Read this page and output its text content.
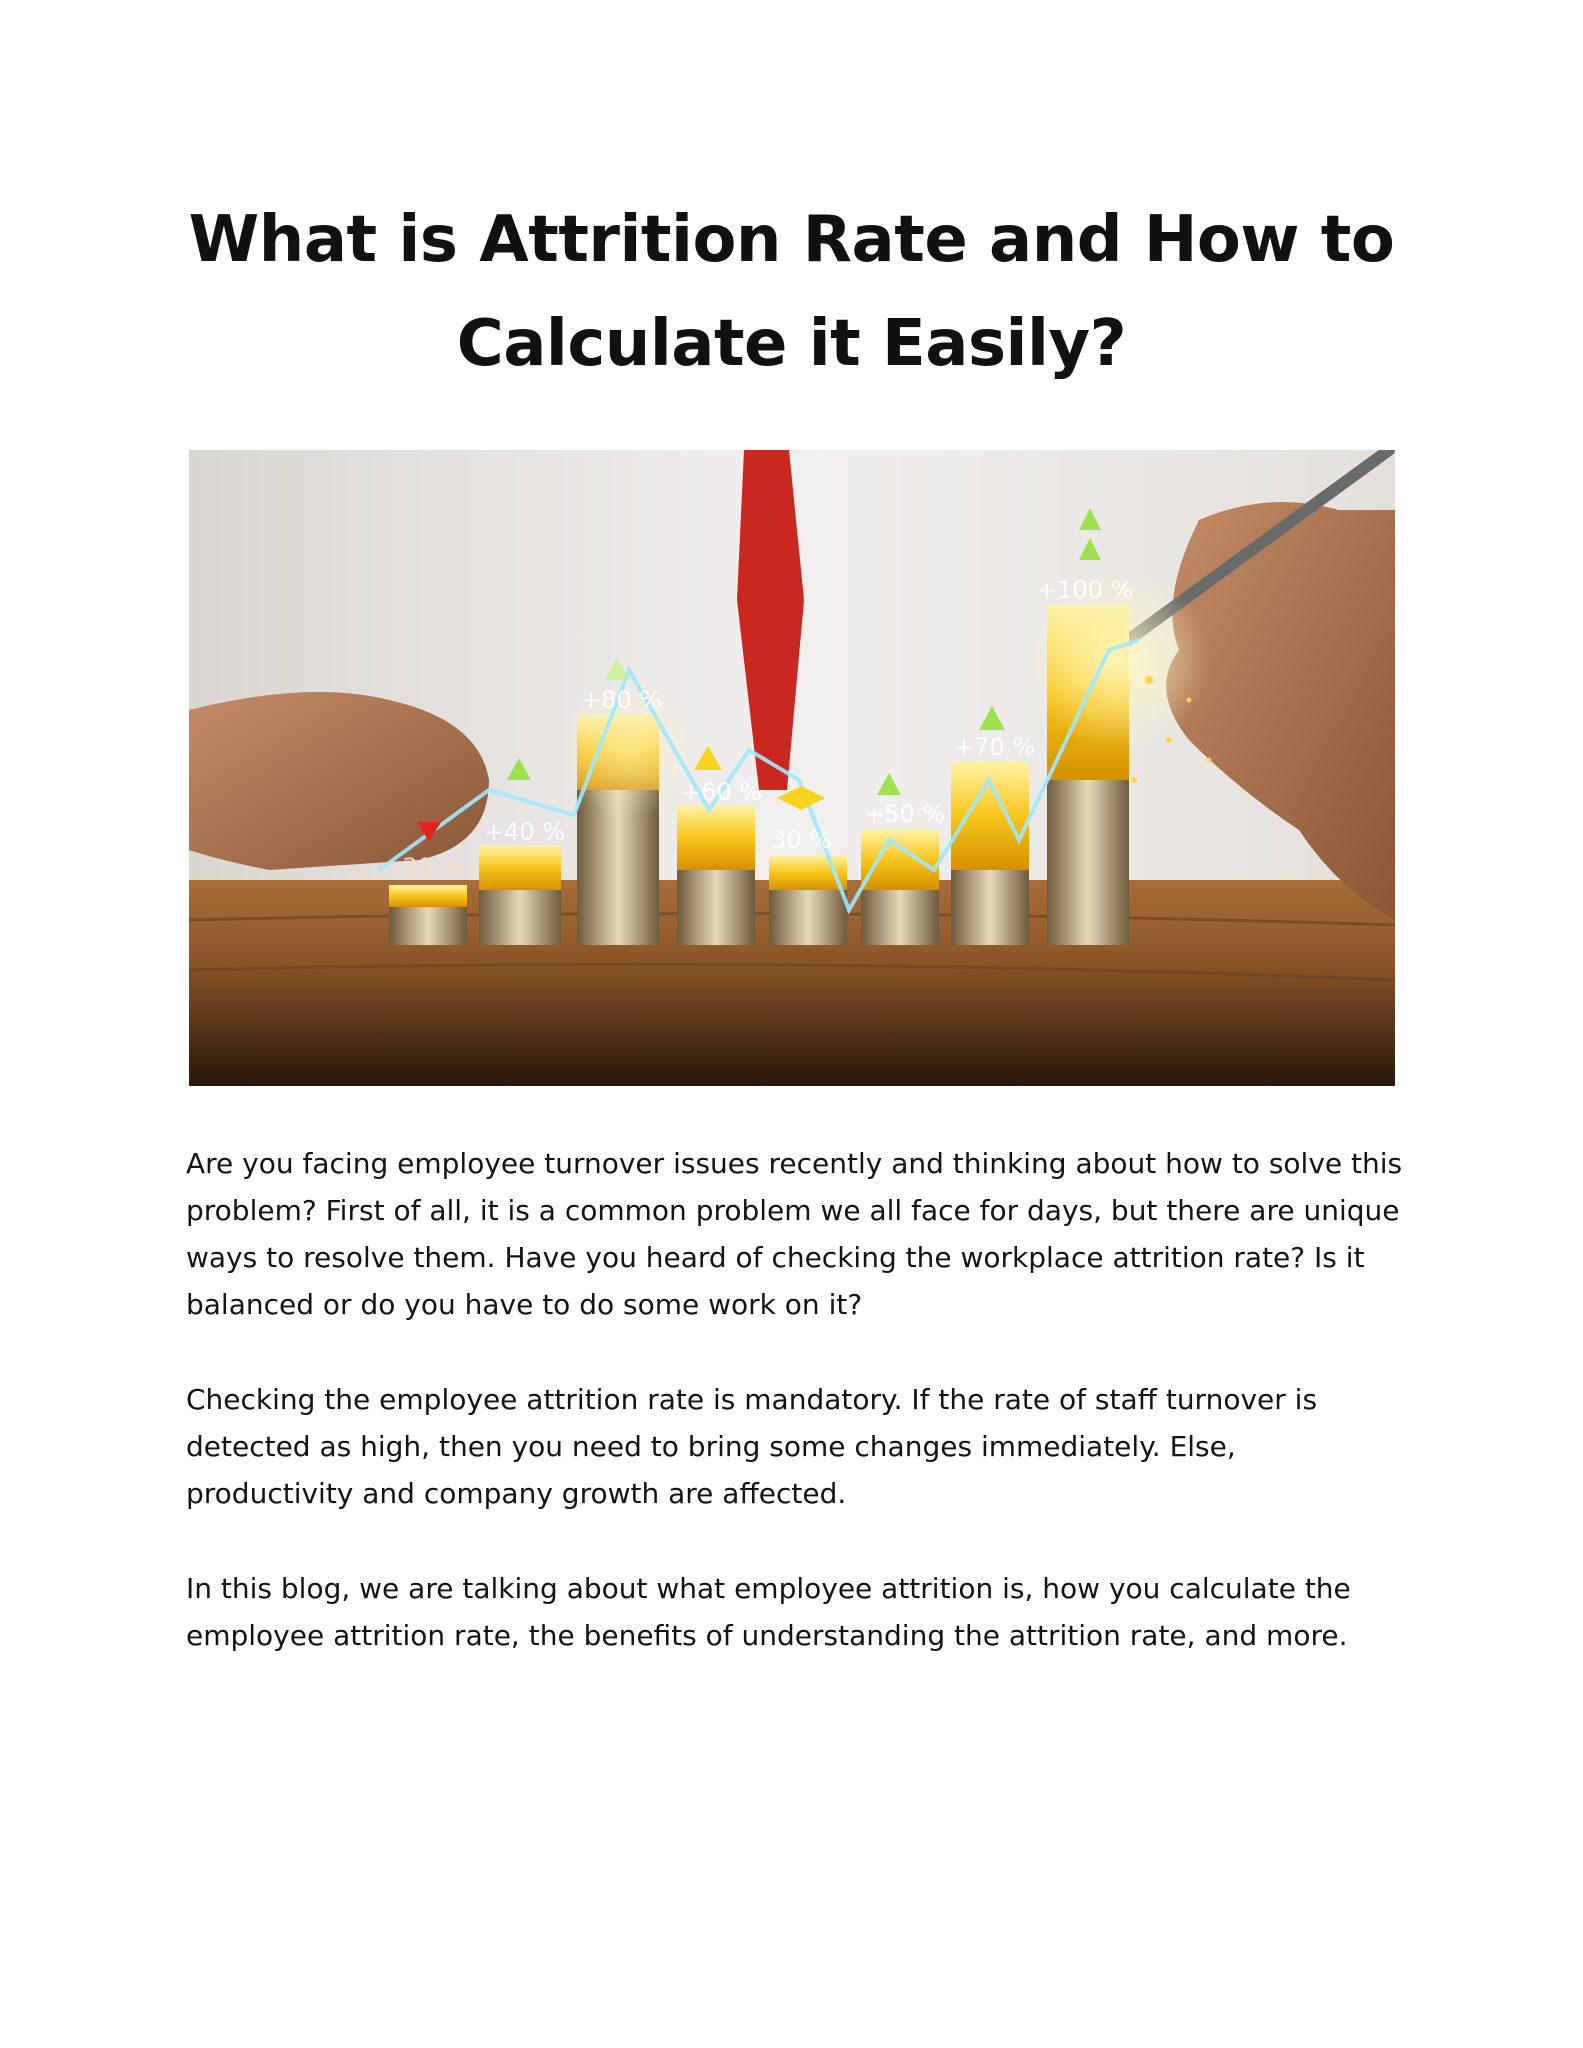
What is Attrition Rate and How to
Calculate it Easily?
-20 %
+40 %
+80 %
+60 %
30 %
+50 %
+70 %
+100 %

Are you facing employee turnover issues recently and thinking about how to solve this problem? First of all, it is a common problem we all face for days, but there are unique ways to resolve them. Have you heard of checking the workplace attrition rate? Is it balanced or do you have to do some work on it?

Checking the employee attrition rate is mandatory. If the rate of staff turnover is detected as high, then you need to bring some changes immediately. Else, productivity and company growth are affected.

In this blog, we are talking about what employee attrition is, how you calculate the employee attrition rate, the benefits of understanding the attrition rate, and more.
